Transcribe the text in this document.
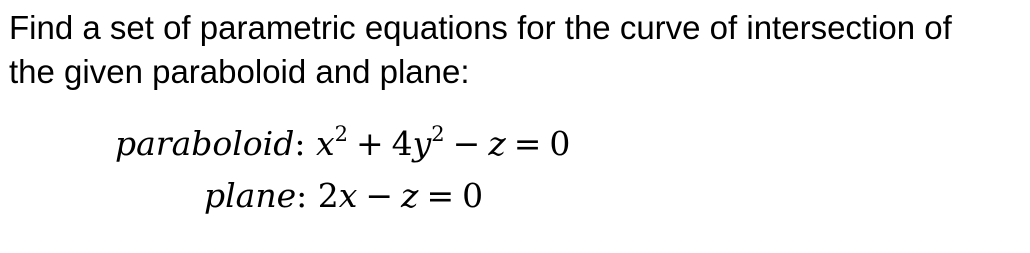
Find a set of parametric equations for the curve of intersection of
the given paraboloid and plane:
paraboloid: $x^2 + 4y^2 - z = 0$
plane: 2x − z = 0
